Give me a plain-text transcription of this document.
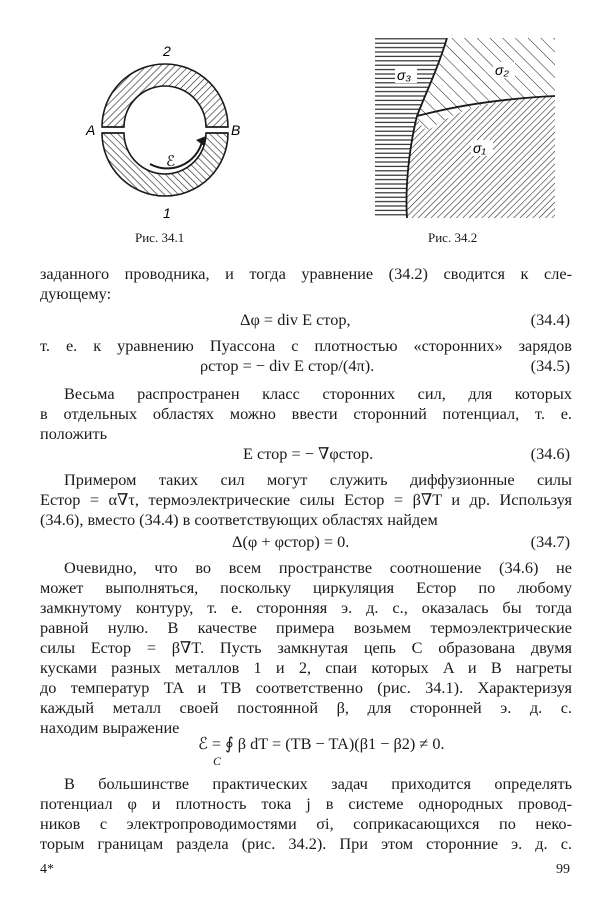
2
1
A	B
ℰ
Рис. 34.1
σ₃	σ₂
σ₁
Рис. 34.2
заданного проводника, и тогда уравнение (34.2) сводится к сле-
дующему:
Δφ = div E стор,	(34.4)
т. е. к уравнению Пуассона с плотностью «сторонних» зарядов
ρстор = − div E стор/(4π).	(34.5)
Весьма распространен класс сторонних сил, для которых
в отдельных областях можно ввести сторонний потенциал, т. е.
положить
E стор = − ∇φстор.	(34.6)
Примером таких сил могут служить диффузионные силы
Eстор = α∇τ, термоэлектрические силы Eстор = β∇T и др. Используя
(34.6), вместо (34.4) в соответствующих областях найдем
Δ(φ + φстор) = 0.	(34.7)
Очевидно, что во всем пространстве соотношение (34.6) не
может выполняться, поскольку циркуляция Eстор по любому
замкнутому контуру, т. е. сторонняя э. д. с., оказалась бы тогда
равной нулю. В качестве примера возьмем термоэлектрические
силы Eстор = β∇T. Пусть замкнутая цепь C образована двумя
кусками разных металлов 1 и 2, спаи которых A и B нагреты
до температур TA и TB соответственно (рис. 34.1). Характеризуя
каждый металл своей постоянной β, для сторонней э. д. с.
находим выражение
ℰ = ∮ β dT = (TB − TA)(β1 − β2) ≠ 0.
C
В большинстве практических задач приходится определять
потенциал φ и плотность тока j в системе однородных провод-
ников с электропроводимостями σi, соприкасающихся по неко-
торым границам раздела (рис. 34.2). При этом сторонние э. д. с.
4*	99
